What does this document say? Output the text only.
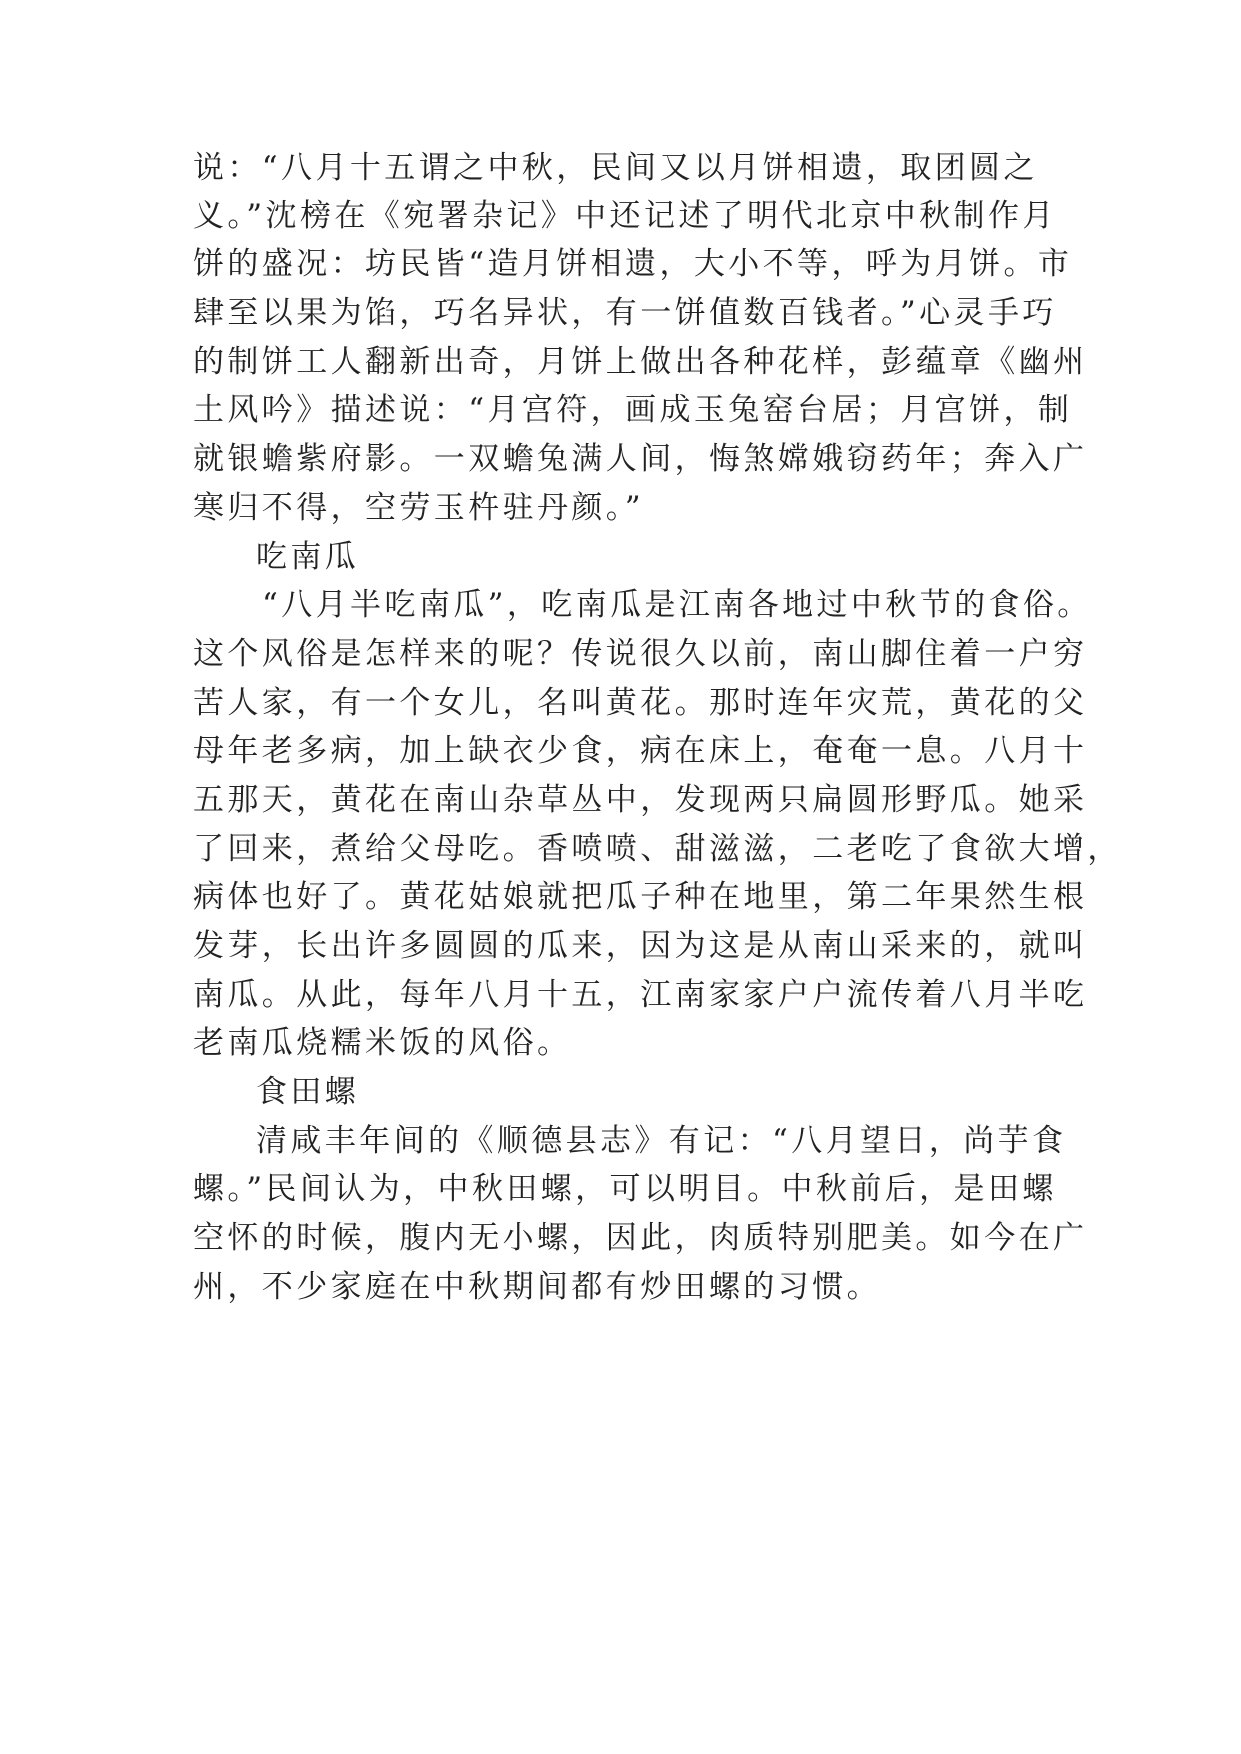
说：“八月十五谓之中秋，民间又以月饼相遗，取团圆之
义。”沈榜在《宛署杂记》中还记述了明代北京中秋制作月
饼的盛况：坊民皆“造月饼相遗，大小不等，呼为月饼。市
肆至以果为馅，巧名异状，有一饼值数百钱者。”心灵手巧
的制饼工人翻新出奇，月饼上做出各种花样，彭蕴章《幽州
土风吟》描述说：“月宫符，画成玉兔窑台居；月宫饼，制
就银蟾紫府影。一双蟾兔满人间，悔煞嫦娥窃药年；奔入广
寒归不得，空劳玉杵驻丹颜。”
吃南瓜
“八月半吃南瓜”，吃南瓜是江南各地过中秋节的食俗。
这个风俗是怎样来的呢？传说很久以前，南山脚住着一户穷
苦人家，有一个女儿，名叫黄花。那时连年灾荒，黄花的父
母年老多病，加上缺衣少食，病在床上，奄奄一息。八月十
五那天，黄花在南山杂草丛中，发现两只扁圆形野瓜。她采
了回来，煮给父母吃。香喷喷、甜滋滋，二老吃了食欲大增，
病体也好了。黄花姑娘就把瓜子种在地里，第二年果然生根
发芽，长出许多圆圆的瓜来，因为这是从南山采来的，就叫
南瓜。从此，每年八月十五，江南家家户户流传着八月半吃
老南瓜烧糯米饭的风俗。
食田螺
清咸丰年间的《顺德县志》有记：“八月望日，尚芋食
螺。”民间认为，中秋田螺，可以明目。中秋前后，是田螺
空怀的时候，腹内无小螺，因此，肉质特别肥美。如今在广
州，不少家庭在中秋期间都有炒田螺的习惯。
